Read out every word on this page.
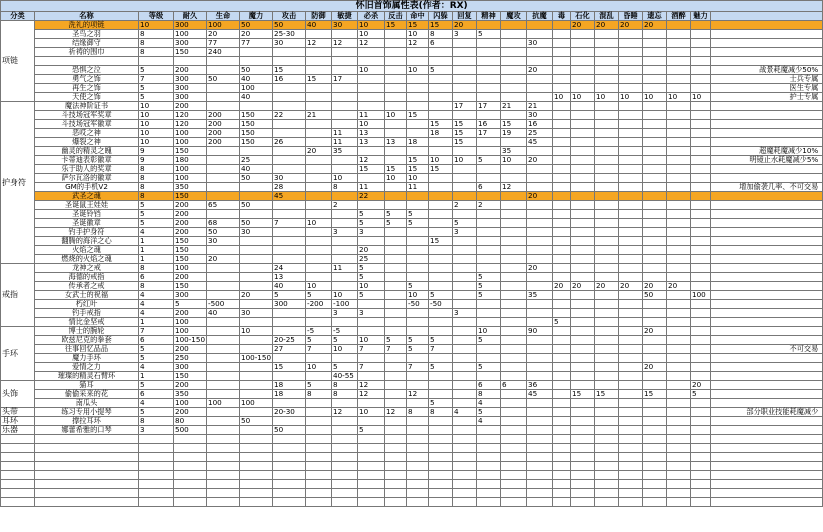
怀旧首饰属性表(作者：RX)																								
分类	名称	等级	耐久	生命	魔力	攻击	防御	敏捷	必杀	反击	命中	闪躲	回复	精神	魔攻	抗魔	毒	石化	混乱	昏睡	遗忘	酒醉	魅力	
项链	洗礼的项链	10	300	100	50	50	40	30	10	15	15	15	20					20	20	20	20			
	圣鸟之羽	8	100	20	20	25-30			10		10	8	3	5										
	结缘御守	8	300	77	77	30	12	12	12		12	6				30								
	祈祷的围巾	8	150	240																				

	恐惧之泣	5	200		50	15			10		10	5				20								战景耗魔减少50%
	勇气之饰	7	300	50	40	16	15	17																士兵专属
	再生之饰	5	300		100																			医生专属
	天使之饰	5	300		40												10	10	10	10	10	10	10	护士专属
护身符	魔法神阶证书	10	200										17	17	21	21								
	斗技场冠军奖章	10	120	200	150	22	21		11	10	15					30								
	斗技场冠军徽章	10	120	200	150				10			15	15	16	15	16								
	恶哎之神	10	100	200	150			11	13			18	15	17	19	25								
	爆裂之神	10	100	200	150	26		11	13	13	18		15			45								
	幽灵的精灵之魄	9	150				20	35							35									超魔耗魔减少10%
	卡蒂迪表彰徽章	9	180		25				12		15	10	10	5	10	20								明镜止水耗魔减少5%
	乐于助人的奖章	8	100		40				15	15	15	15												
	萨尔瓦洛的徽章	8	100		50	30		10		10	10													
	GM的手机V2	8	350			28		8	11		11			6	12									增加偷袭几率、不可交易
	武圣之魂	8	150			45			22							20								
	圣诞鼠王娃娃	5	200	65	50			2					2	2										
	圣诞铃铛	5	200						5	5	5													
	圣诞徽章	5	200	68	50	7	10		5	5	5		5											
	钓手护身符	4	200	50	30			3	3				3											
	翻腾的海洋之心	1	150	30								15												
	火焰之魂	1	150						20															
	燃烧的火焰之魂	1	150	20					25															
戒指	龙神之戒	8	100			24		11	5							20								
	海德的戒指	6	200			13			5					5										
	传承者之戒	8	150			40	10		10		5			5			20	20	20	20	20	20		
	女武士的祝福	4	300		20	5	5	10	5		10	5		5		35					50		100	
	朽红叶	4	5	-500		300	-200	-100			-50	-50												
	钓手戒指	4	200	40	30			3	3				3											
	情比金坚戒	1	100														5							
手环	博士的腕轮	7	100		10		-5	-5						10		90					20			
	欧兹尼克的拳套	6	100-150			20-25	5	5	10	5	5	5		5										
	往事回忆品品	5	200			27	7	10	7	7	5	7												不可交易
	魔力手环	5	250		100-150																			
	爱情之力	4	300			15	10	5	7		7	5		5							20			
	璀璨的精灵石臂环	1	150					40-55																
头饰	猫耳	5	200			18	5	8	12					6	6	36							20	
	偷偷采来的花	6	350			18	8	8	12		12			8		45		15	15		15		5	
	南瓜头	4	100	100	100							5		4										
头带	练习专用小提琴	5	200			20-30		12	10	12	8	8	4	5										部分职业技能耗魔减少
耳环	撑拉耳环	8	80		50									4										
乐器	娜蕾希雅的口琴	3	500			50			5															
